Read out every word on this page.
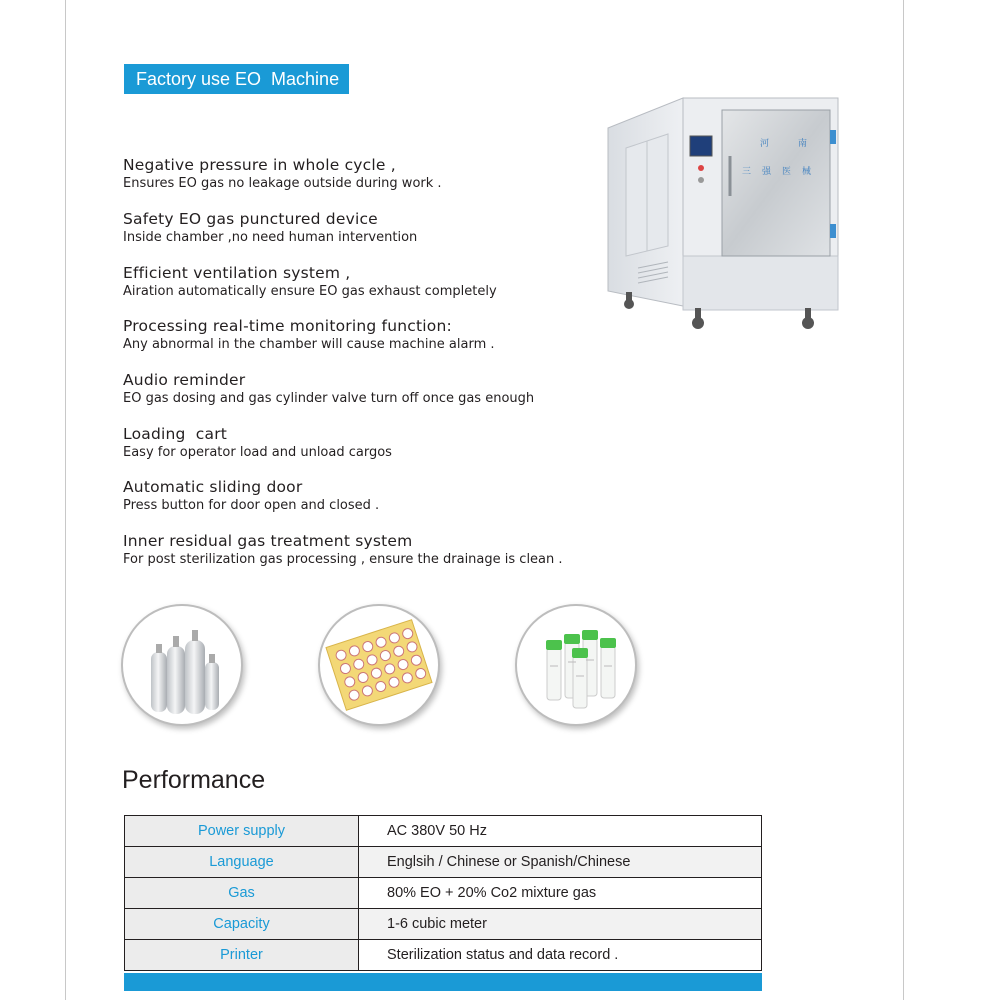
Factory use EO  Machine
Negative pressure in whole cycle ,
Ensures EO gas no leakage outside during work .
Safety EO gas punctured device
Inside chamber ,no need human intervention
Efficient ventilation system ,
Airation automatically ensure EO gas exhaust completely
Processing real-time monitoring function:
Any abnormal in the chamber will cause machine alarm .
Audio reminder
EO gas dosing and gas cylinder valve turn off once gas enough
Loading  cart
Easy for operator load and unload cargos
Automatic sliding door
Press button for door open and closed .
Inner residual gas treatment system
For post sterilization gas processing , ensure the drainage is clean .
河	南
三 强 医 械
Performance
Power supply	AC 380V 50 Hz
Language	Englsih / Chinese or Spanish/Chinese
Gas	80% EO + 20% Co2 mixture gas
Capacity	1-6 cubic meter
Printer	Sterilization status and data record .
